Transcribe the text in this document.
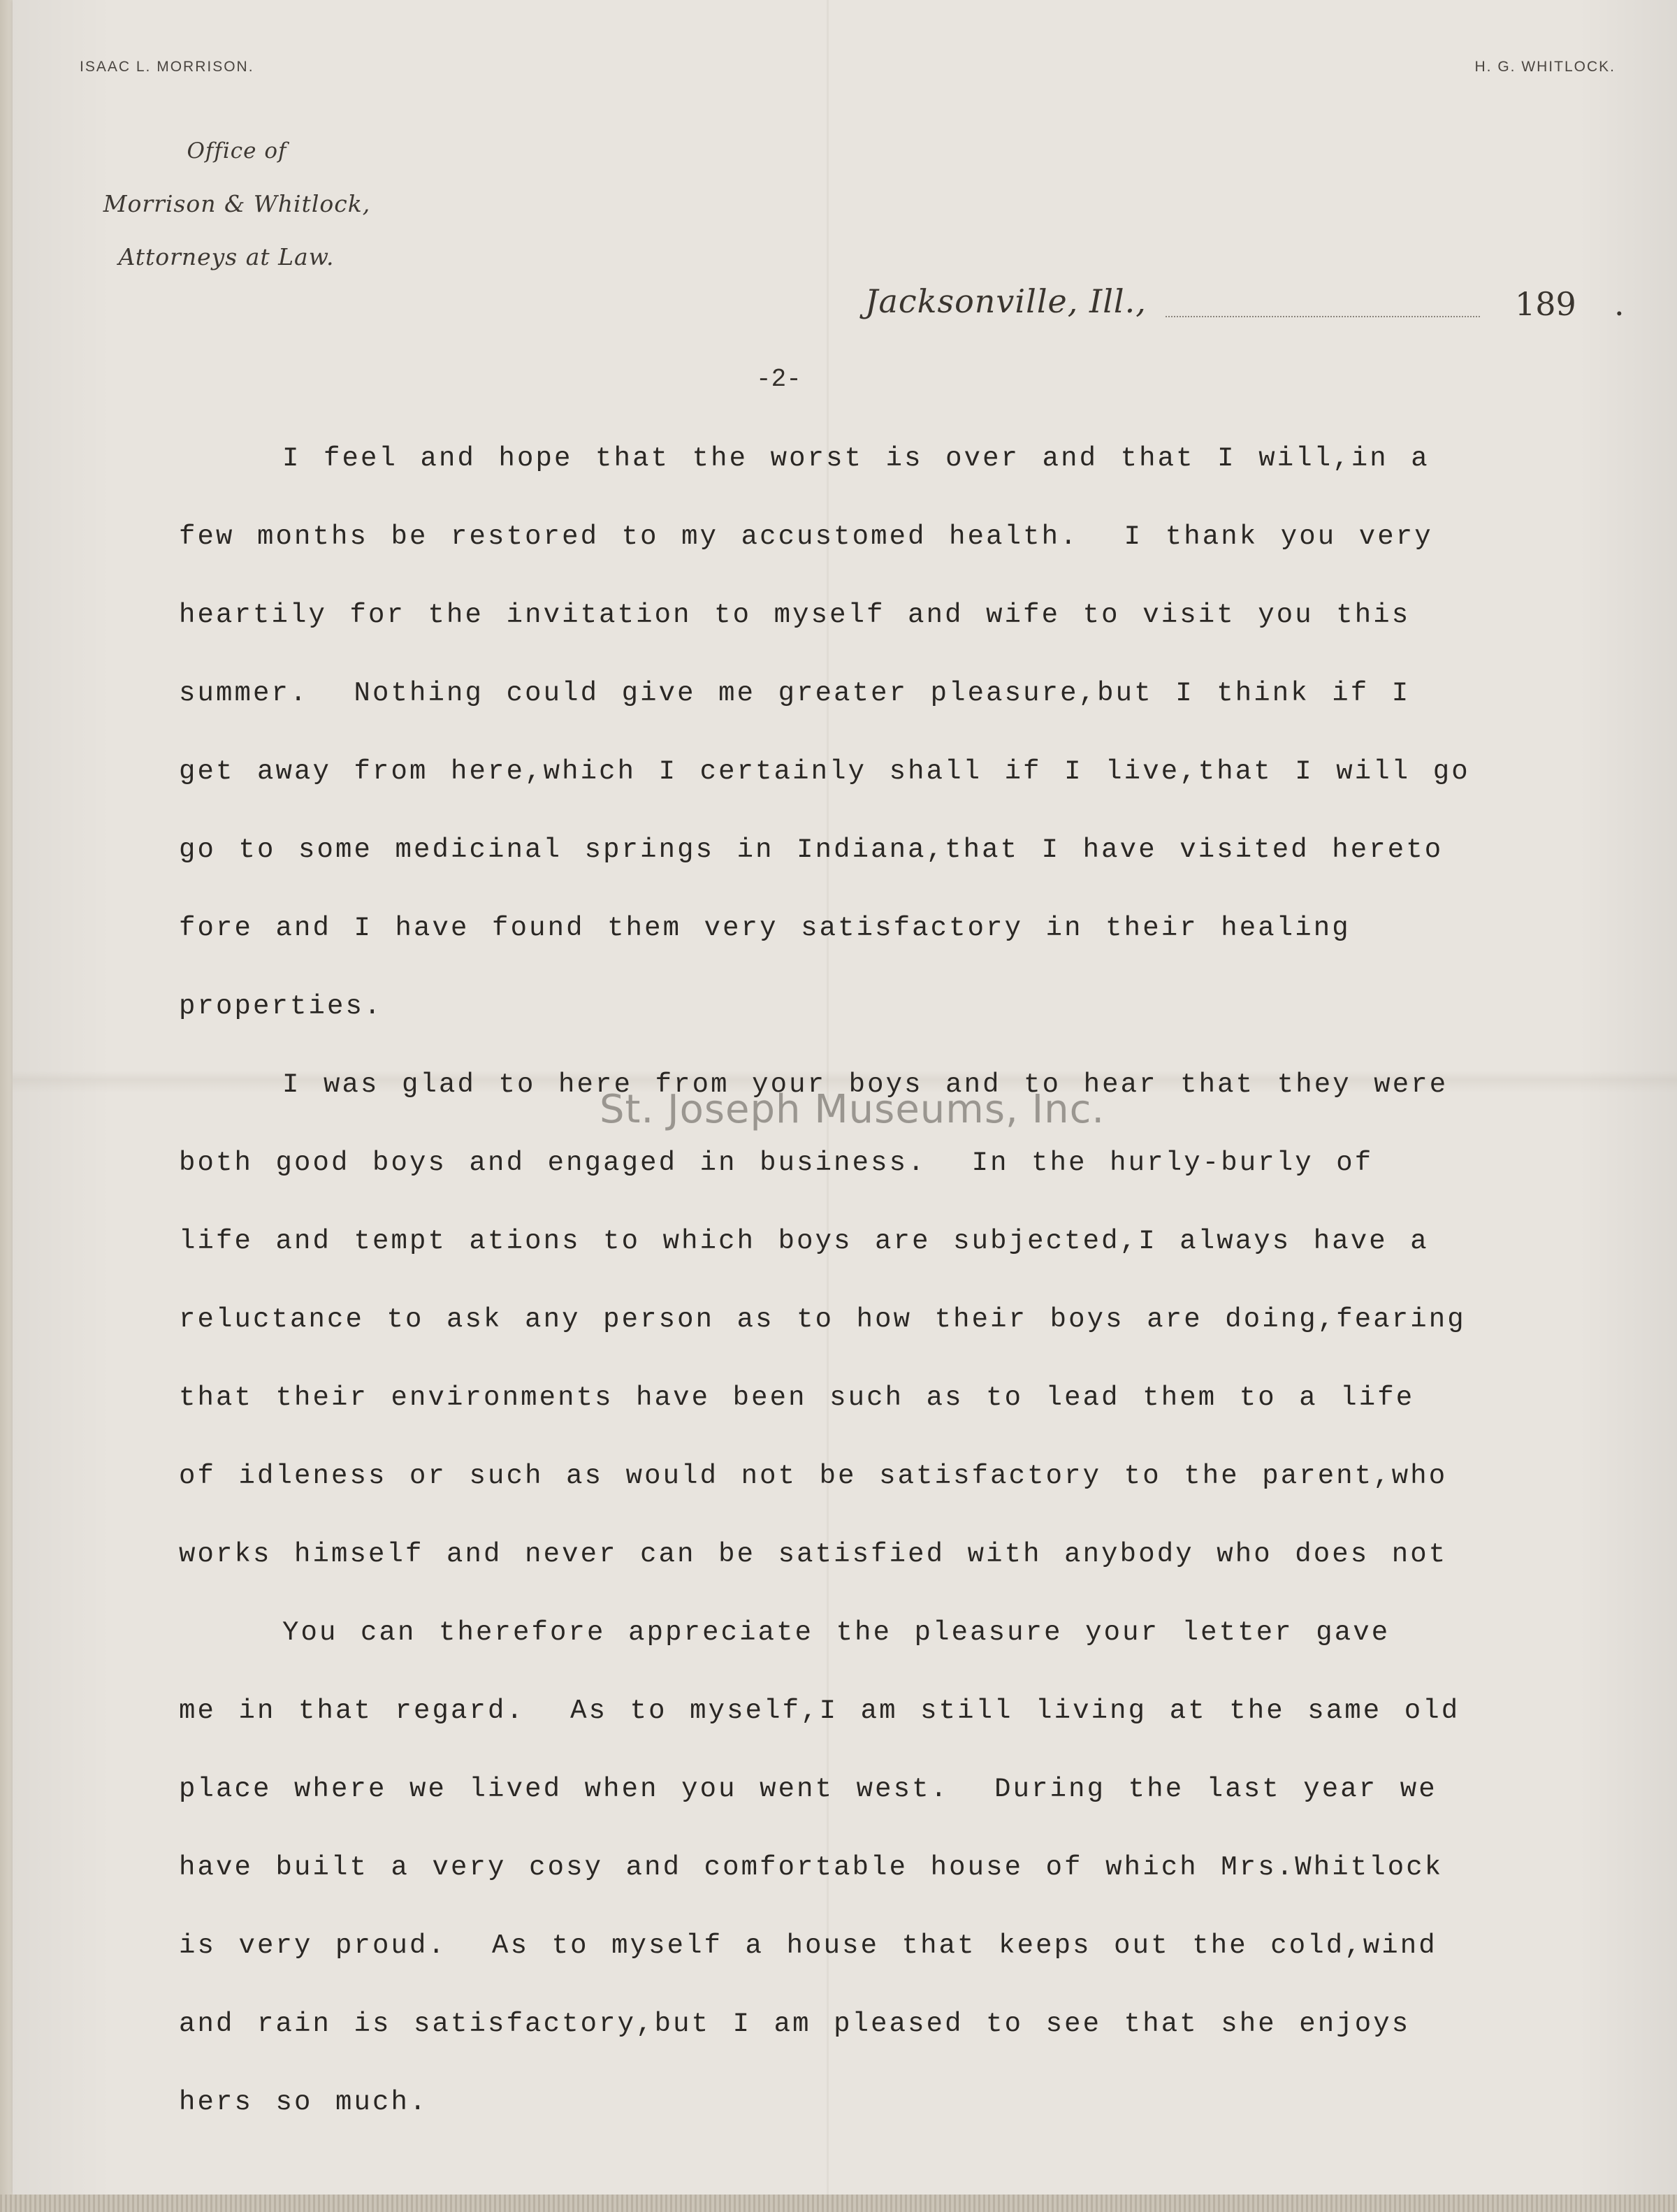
ISAAC L. MORRISON.	H. G. WHITLOCK.
Office of
Morrison & Whitlock,
Attorneys at Law.
Jacksonville, Ill.,	189 .
-2-
I feel and hope that the worst is over and that I will,in a
few months be restored to my accustomed health.  I thank you very
heartily for the invitation to myself and wife to visit you this
summer.  Nothing could give me greater pleasure,but I think if I
get away from here,which I certainly shall if I live,that I will go
go to some medicinal springs in Indiana,that I have visited hereto
fore and I have found them very satisfactory in their healing
properties.
I was glad to here from your boys and to hear that they were
both good boys and engaged in business.  In the hurly-burly of
life and tempt ations to which boys are subjected,I always have a
reluctance to ask any person as to how their boys are doing,fearing
that their environments have been such as to lead them to a life
of idleness or such as would not be satisfactory to the parent,who
works himself and never can be satisfied with anybody who does not
You can therefore appreciate the pleasure your letter gave
me in that regard.  As to myself,I am still living at the same old
place where we lived when you went west.  During the last year we
have built a very cosy and comfortable house of which Mrs.Whitlock
is very proud.  As to myself a house that keeps out the cold,wind
and rain is satisfactory,but I am pleased to see that she enjoys
hers so much.
St. Joseph Museums, Inc.
